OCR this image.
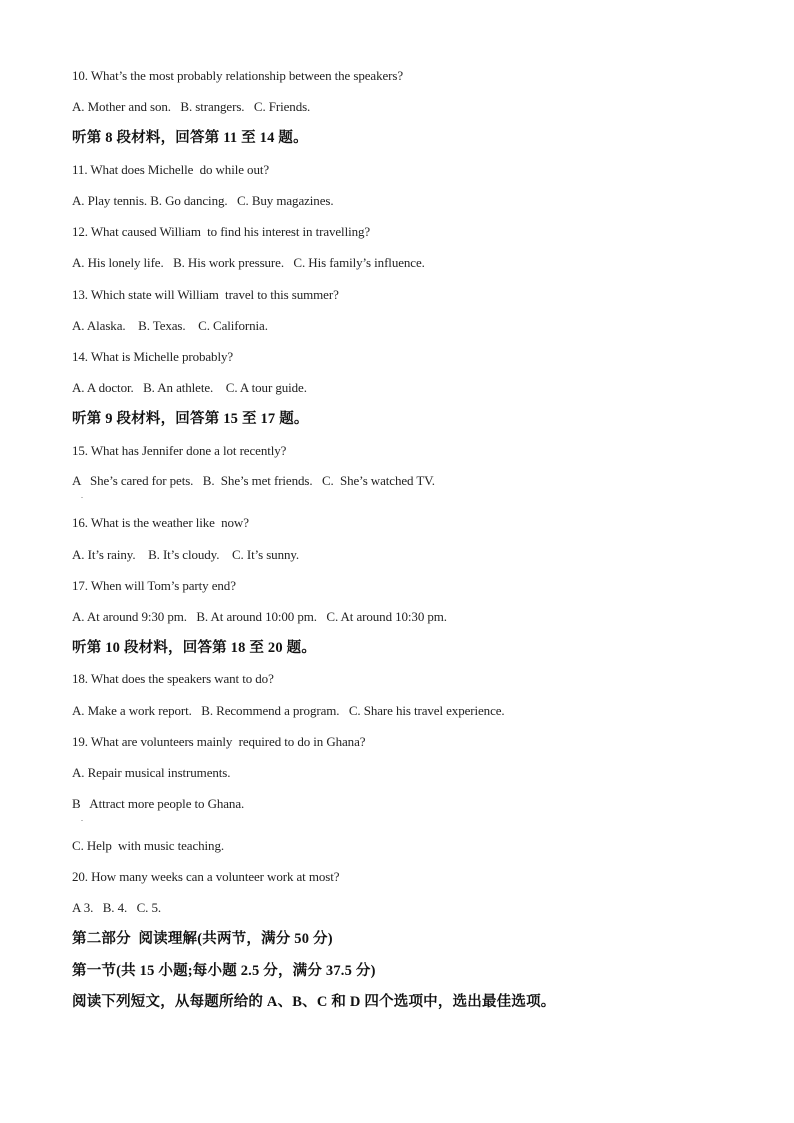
10. What’s the most probably relationship between the speakers?
A. Mother and son.   B. strangers.   C. Friends.
听第 8 段材料，回答第 11 至 14 题。
11. What does Michelle  do while out?
A. Play tennis. B. Go dancing.   C. Buy magazines.
12. What caused William  to find his interest in travelling?
A. His lonely life.   B. His work pressure.   C. His family’s influence.
13. Which state will William  travel to this summer?
A. Alaska.    B. Texas.    C. California.
14. What is Michelle probably?
A. A doctor.   B. An athlete.    C. A tour guide.
听第 9 段材料，回答第 15 至 17 题。
15. What has Jennifer done a lot recently?
A   She’s cared for pets.   B.  She’s met friends.   C.  She’s watched TV.
.
16. What is the weather like  now?
A. It’s rainy.    B. It’s cloudy.    C. It’s sunny.
17. When will Tom’s party end?
A. At around 9:30 pm.   B. At around 10:00 pm.   C. At around 10:30 pm.
听第 10 段材料，回答第 18 至 20 题。
18. What does the speakers want to do?
A. Make a work report.   B. Recommend a program.   C. Share his travel experience.
19. What are volunteers mainly  required to do in Ghana?
A. Repair musical instruments.
B   Attract more people to Ghana.
.
C. Help  with music teaching.
20. How many weeks can a volunteer work at most?
A 3.   B. 4.   C. 5.
第二部分  阅读理解(共两节，满分 50 分)
第一节(共 15 小题;每小题 2.5 分，满分 37.5 分)
阅读下列短文，从每题所给的 A、B、C 和 D 四个选项中，选出最佳选项。
